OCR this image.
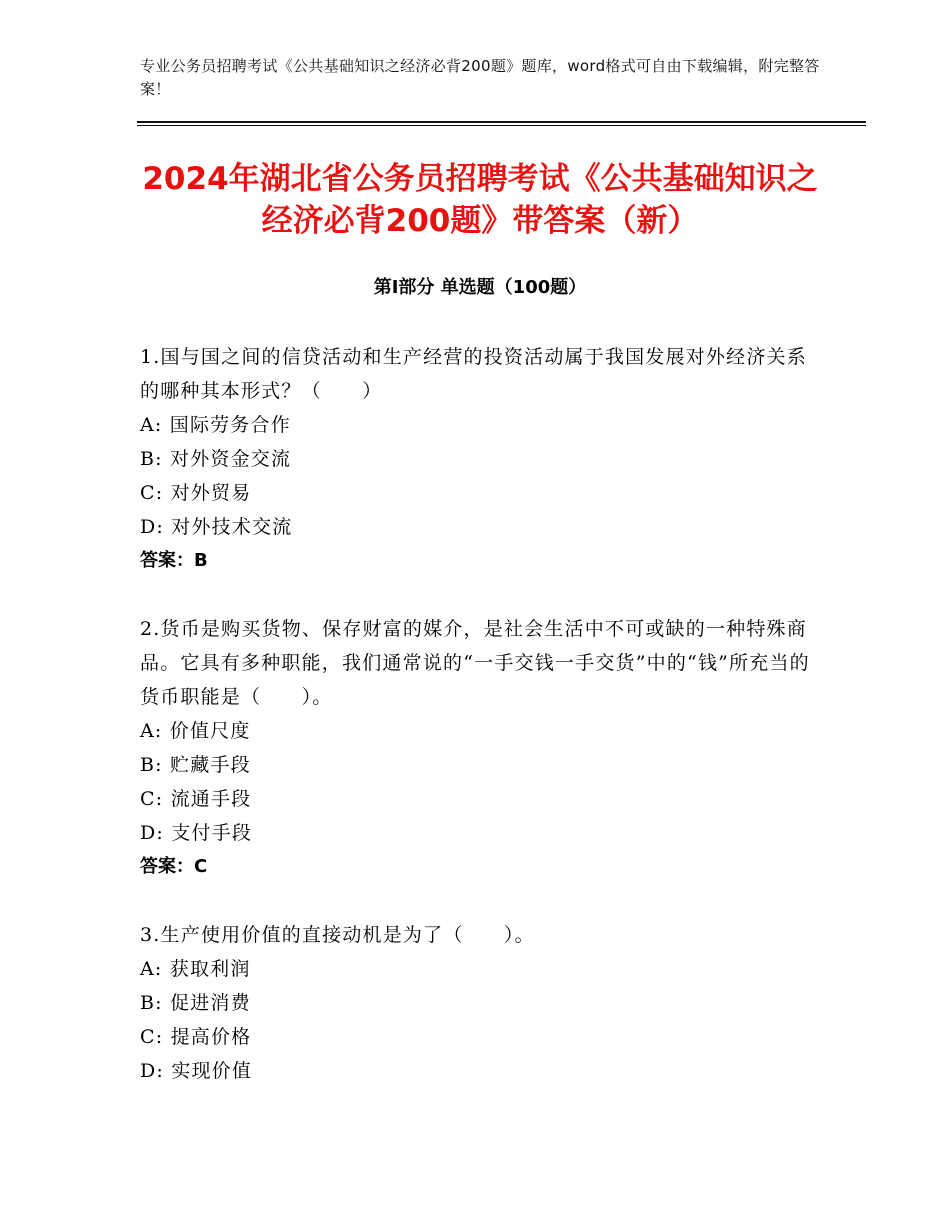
专业公务员招聘考试《公共基础知识之经济必背200题》题库，word格式可自由下载编辑，附完整答案！
2024年湖北省公务员招聘考试《公共基础知识之经济必背200题》带答案（新）
第Ⅰ部分 单选题（100题）
1.国与国之间的信贷活动和生产经营的投资活动属于我国发展对外经济关系的哪种其本形式？（　　）
A: 国际劳务合作
B: 对外资金交流
C: 对外贸易
D: 对外技术交流
答案：B
2.货币是购买货物、保存财富的媒介，是社会生活中不可或缺的一种特殊商品。它具有多种职能，我们通常说的“一手交钱一手交货”中的“钱”所充当的货币职能是（　　）。
A: 价值尺度
B: 贮藏手段
C: 流通手段
D: 支付手段
答案：C
3.生产使用价值的直接动机是为了（　　）。
A: 获取利润
B: 促进消费
C: 提高价格
D: 实现价值
